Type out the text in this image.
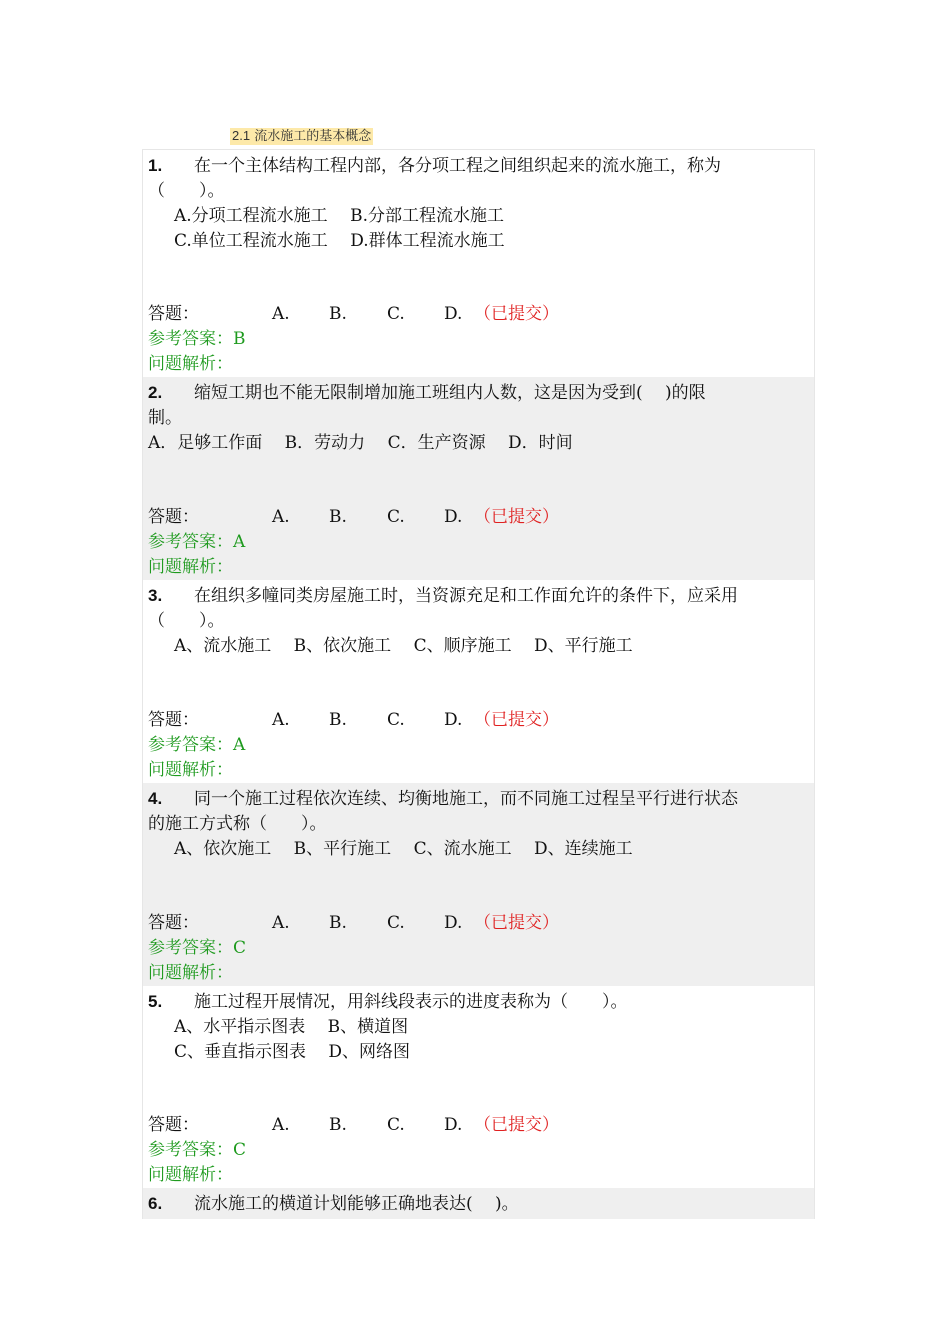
2.1 流水施工的基本概念
1. 在一个主体结构工程内部，各分项工程之间组织起来的流水施工，称为
（　　）。
A.分项工程流水施工　 B.分部工程流水施工
C.单位工程流水施工　 D.群体工程流水施工
答题：	A. B. C. D. （已提交）
参考答案：B
问题解析：
2. 缩短工期也不能无限制增加施工班组内人数，这是因为受到(　 )的限
制。
A．足够工作面　 B．劳动力　 C．生产资源　 D．时间
答题：	A. B. C. D. （已提交）
参考答案：A
问题解析：
3. 在组织多幢同类房屋施工时，当资源充足和工作面允许的条件下，应采用
（　　）。
A、流水施工　 B、依次施工　 C、顺序施工　 D、平行施工
答题：	A. B. C. D. （已提交）
参考答案：A
问题解析：
4. 同一个施工过程依次连续、均衡地施工，而不同施工过程呈平行进行状态
的施工方式称（　　）。
A、依次施工　 B、平行施工　 C、流水施工　 D、连续施工
答题：	A. B. C. D. （已提交）
参考答案：C
问题解析：
5. 施工过程开展情况，用斜线段表示的进度表称为（　　）。
A、水平指示图表　 B、横道图
C、垂直指示图表　 D、网络图
答题：	A. B. C. D. （已提交）
参考答案：C
问题解析：
6. 流水施工的横道计划能够正确地表达(　 )。
